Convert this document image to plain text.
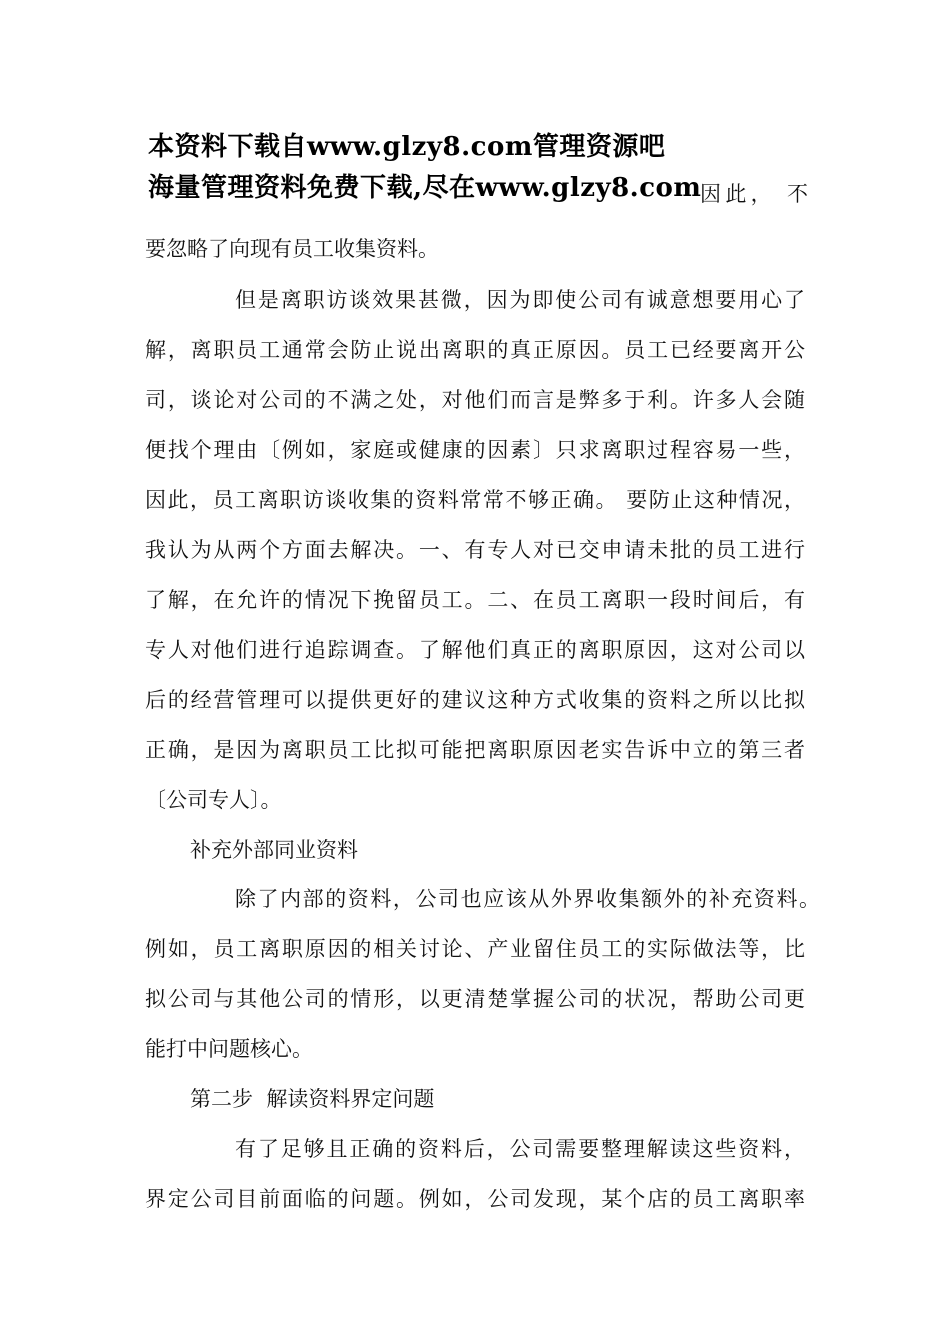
本资料下载自www.glzy8.com管理资源吧
海量管理资料免费下载,尽在www.glzy8.com
因此， 不
要忽略了向现有员工收集资料。
但是离职访谈效果甚微，因为即使公司有诚意想要用心了
解，离职员工通常会防止说出离职的真正原因。员工已经要离开公
司，谈论对公司的不满之处，对他们而言是弊多于利。许多人会随
便找个理由〔例如，家庭或健康的因素〕只求离职过程容易一些，
因此，员工离职访谈收集的资料常常不够正确。 要防止这种情况，
我认为从两个方面去解决。一、有专人对已交申请未批的员工进行
了解，在允许的情况下挽留员工。二、在员工离职一段时间后，有
专人对他们进行追踪调查。了解他们真正的离职原因，这对公司以
后的经营管理可以提供更好的建议这种方式收集的资料之所以比拟
正确，是因为离职员工比拟可能把离职原因老实告诉中立的第三者
〔公司专人〕。
补充外部同业资料
除了内部的资料，公司也应该从外界收集额外的补充资料。
例如，员工离职原因的相关讨论、产业留住员工的实际做法等，比
拟公司与其他公司的情形，以更清楚掌握公司的状况，帮助公司更
能打中问题核心。
第二步  解读资料界定问题
有了足够且正确的资料后，公司需要整理解读这些资料，
界定公司目前面临的问题。例如，公司发现，某个店的员工离职率
